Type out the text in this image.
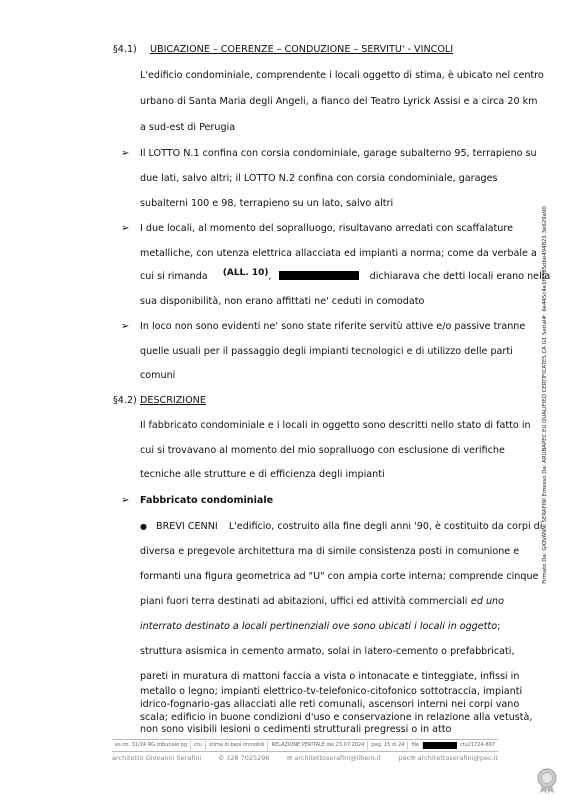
§4.1) UBICAZIONE – COERENZE – CONDUZIONE – SERVITU' - VINCOLI
L'edificio condominiale, comprendente i locali oggetto di stima, è ubicato nel centro
urbano di Santa Maria degli Angeli, a fianco del Teatro Lyrick Assisi e a circa 20 km
a sud-est di Perugia
➢ Il LOTTO N.1 confina con corsia condominiale, garage subalterno 95, terrapieno su
due lati, salvo altri; il LOTTO N.2 confina con corsia condominiale, garages
subalterni 100 e 98, terrapieno su un lato, salvo altri
➢ I due locali, al momento del sopralluogo, risultavano arredati con scaffalature
metalliche, con utenza elettrica allacciata ed impianti a norma; come da verbale a
cui si rimanda (ALL. 10),	dichiarava che detti locali erano nella
sua disponibilità, non erano affittati ne' ceduti in comodato
➢ In loco non sono evidenti ne' sono state riferite servitù attive e/o passive tranne
quelle usuali per il passaggio degli impianti tecnologici e di utilizzo delle parti
comuni
§4.2) DESCRIZIONE
Il fabbricato condominiale e i locali in oggetto sono descritti nello stato di fatto in
cui si trovavano al momento del mio sopralluogo con esclusione di verifiche
tecniche alle strutture e di efficienza degli impianti
➢ Fabbricato condominiale
● BREVI CENNI L'edificio, costruito alla fine degli anni '90, è costituito da corpi di
diversa e pregevole architettura ma di simile consistenza posti in comunione e
formanti una figura geometrica ad "U" con ampia corte interna; comprende cinque
piani fuori terra destinati ad abitazioni, uffici ed attività commerciali ed uno
interrato destinato a locali pertinenziali ove sono ubicati i locali in oggetto;
struttura asismica in cemento armato, solai in latero-cemento o prefabbricati,
pareti in muratura di mattoni faccia a vista o intonacate e tinteggiate, infissi in
metallo o legno; impianti elettrico-tv-telefonico-citofonico sottotraccia, impianti
idrico-fognario-gas allacciati alle reti comunali, ascensori interni nei corpi vano
es.im. 31/24 RG tribunale pg	ctu	stima di beni immobili	RELAZIONE PERITALE del 23.07.2024	pag. 15 di 24	file	ctu21724-897
architetto Giovanni Serafini	✆ 328 7025296	✉ architettoserafini@libero.it	pec✉ architettoserafini@pec.it
Firmato Da: GIOVANNI SERAFINI Emesso Da: ARUBAPEC EU QUALIFIED CERTIFICATES CA G1 Serial#: 6e445c4e1f6385dbe494821 3e629a90
scala; edificio in buone condizioni d'uso e conservazione in relazione alla vetustà,
non sono visibili lesioni o cedimenti strutturali pregressi o in atto
